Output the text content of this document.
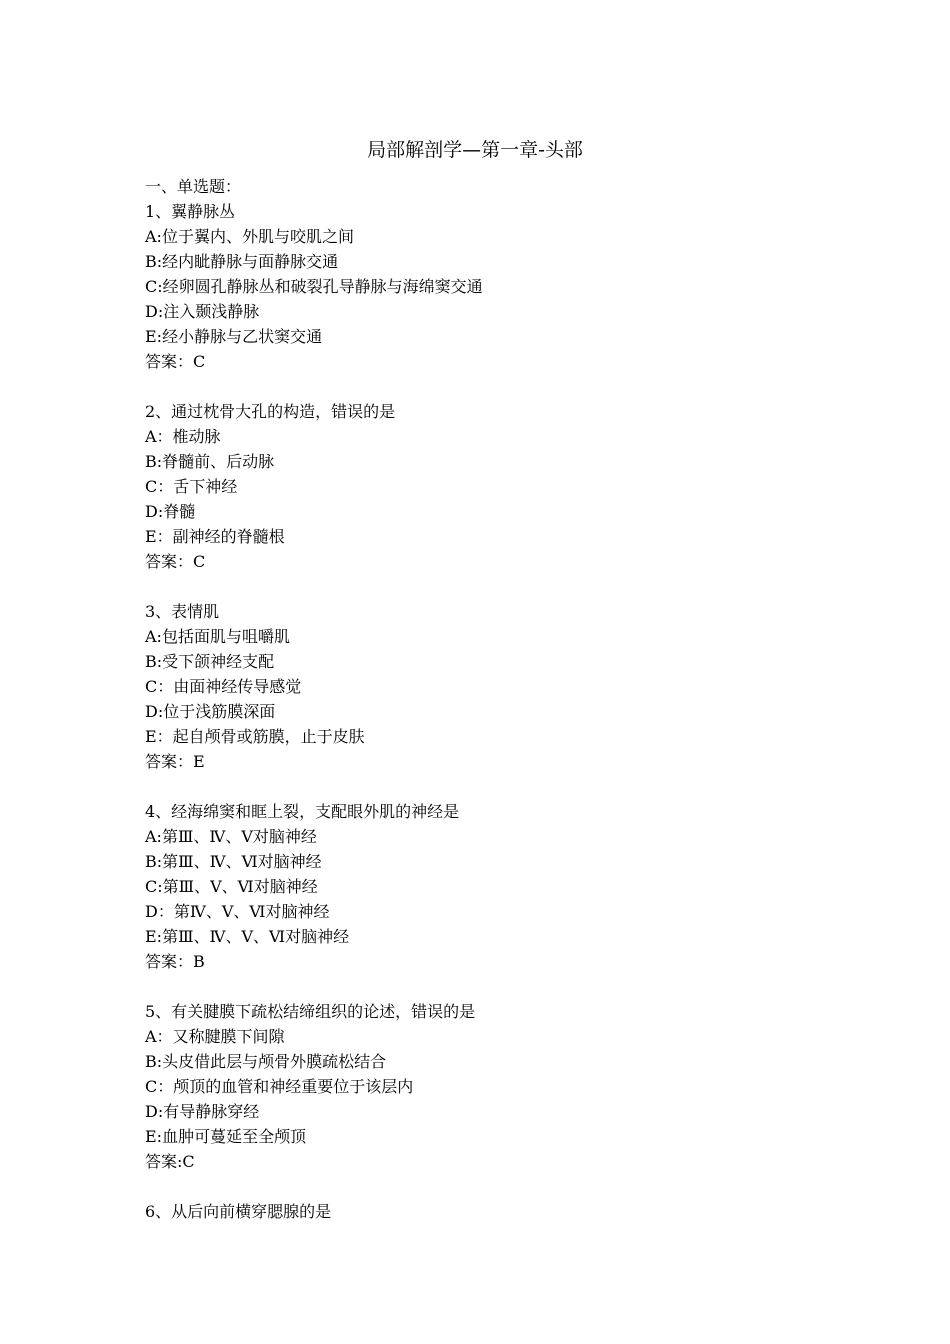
局部解剖学—第一章-头部
一、单选题：
1、翼静脉丛
A:位于翼内、外肌与咬肌之间
B:经内眦静脉与面静脉交通
C:经卵圆孔静脉丛和破裂孔导静脉与海绵窦交通
D:注入颞浅静脉
E:经小静脉与乙状窦交通
答案：C
2、通过枕骨大孔的构造，错误的是
A：椎动脉
B:脊髓前、后动脉
C：舌下神经
D:脊髓
E：副神经的脊髓根
答案：C
3、表情肌
A:包括面肌与咀嚼肌
B:受下颌神经支配
C：由面神经传导感觉
D:位于浅筋膜深面
E：起自颅骨或筋膜，止于皮肤
答案：E
4、经海绵窦和眶上裂，支配眼外肌的神经是
A:第Ⅲ、Ⅳ、Ⅴ对脑神经
B:第Ⅲ、Ⅳ、Ⅵ对脑神经
C:第Ⅲ、Ⅴ、Ⅵ对脑神经
D：第Ⅳ、Ⅴ、Ⅵ对脑神经
E:第Ⅲ、Ⅳ、Ⅴ、Ⅵ对脑神经
答案：B
5、有关腱膜下疏松结缔组织的论述，错误的是
A：又称腱膜下间隙
B:头皮借此层与颅骨外膜疏松结合
C：颅顶的血管和神经重要位于该层内
D:有导静脉穿经
E:血肿可蔓延至全颅顶
答案:C
6、从后向前横穿腮腺的是
